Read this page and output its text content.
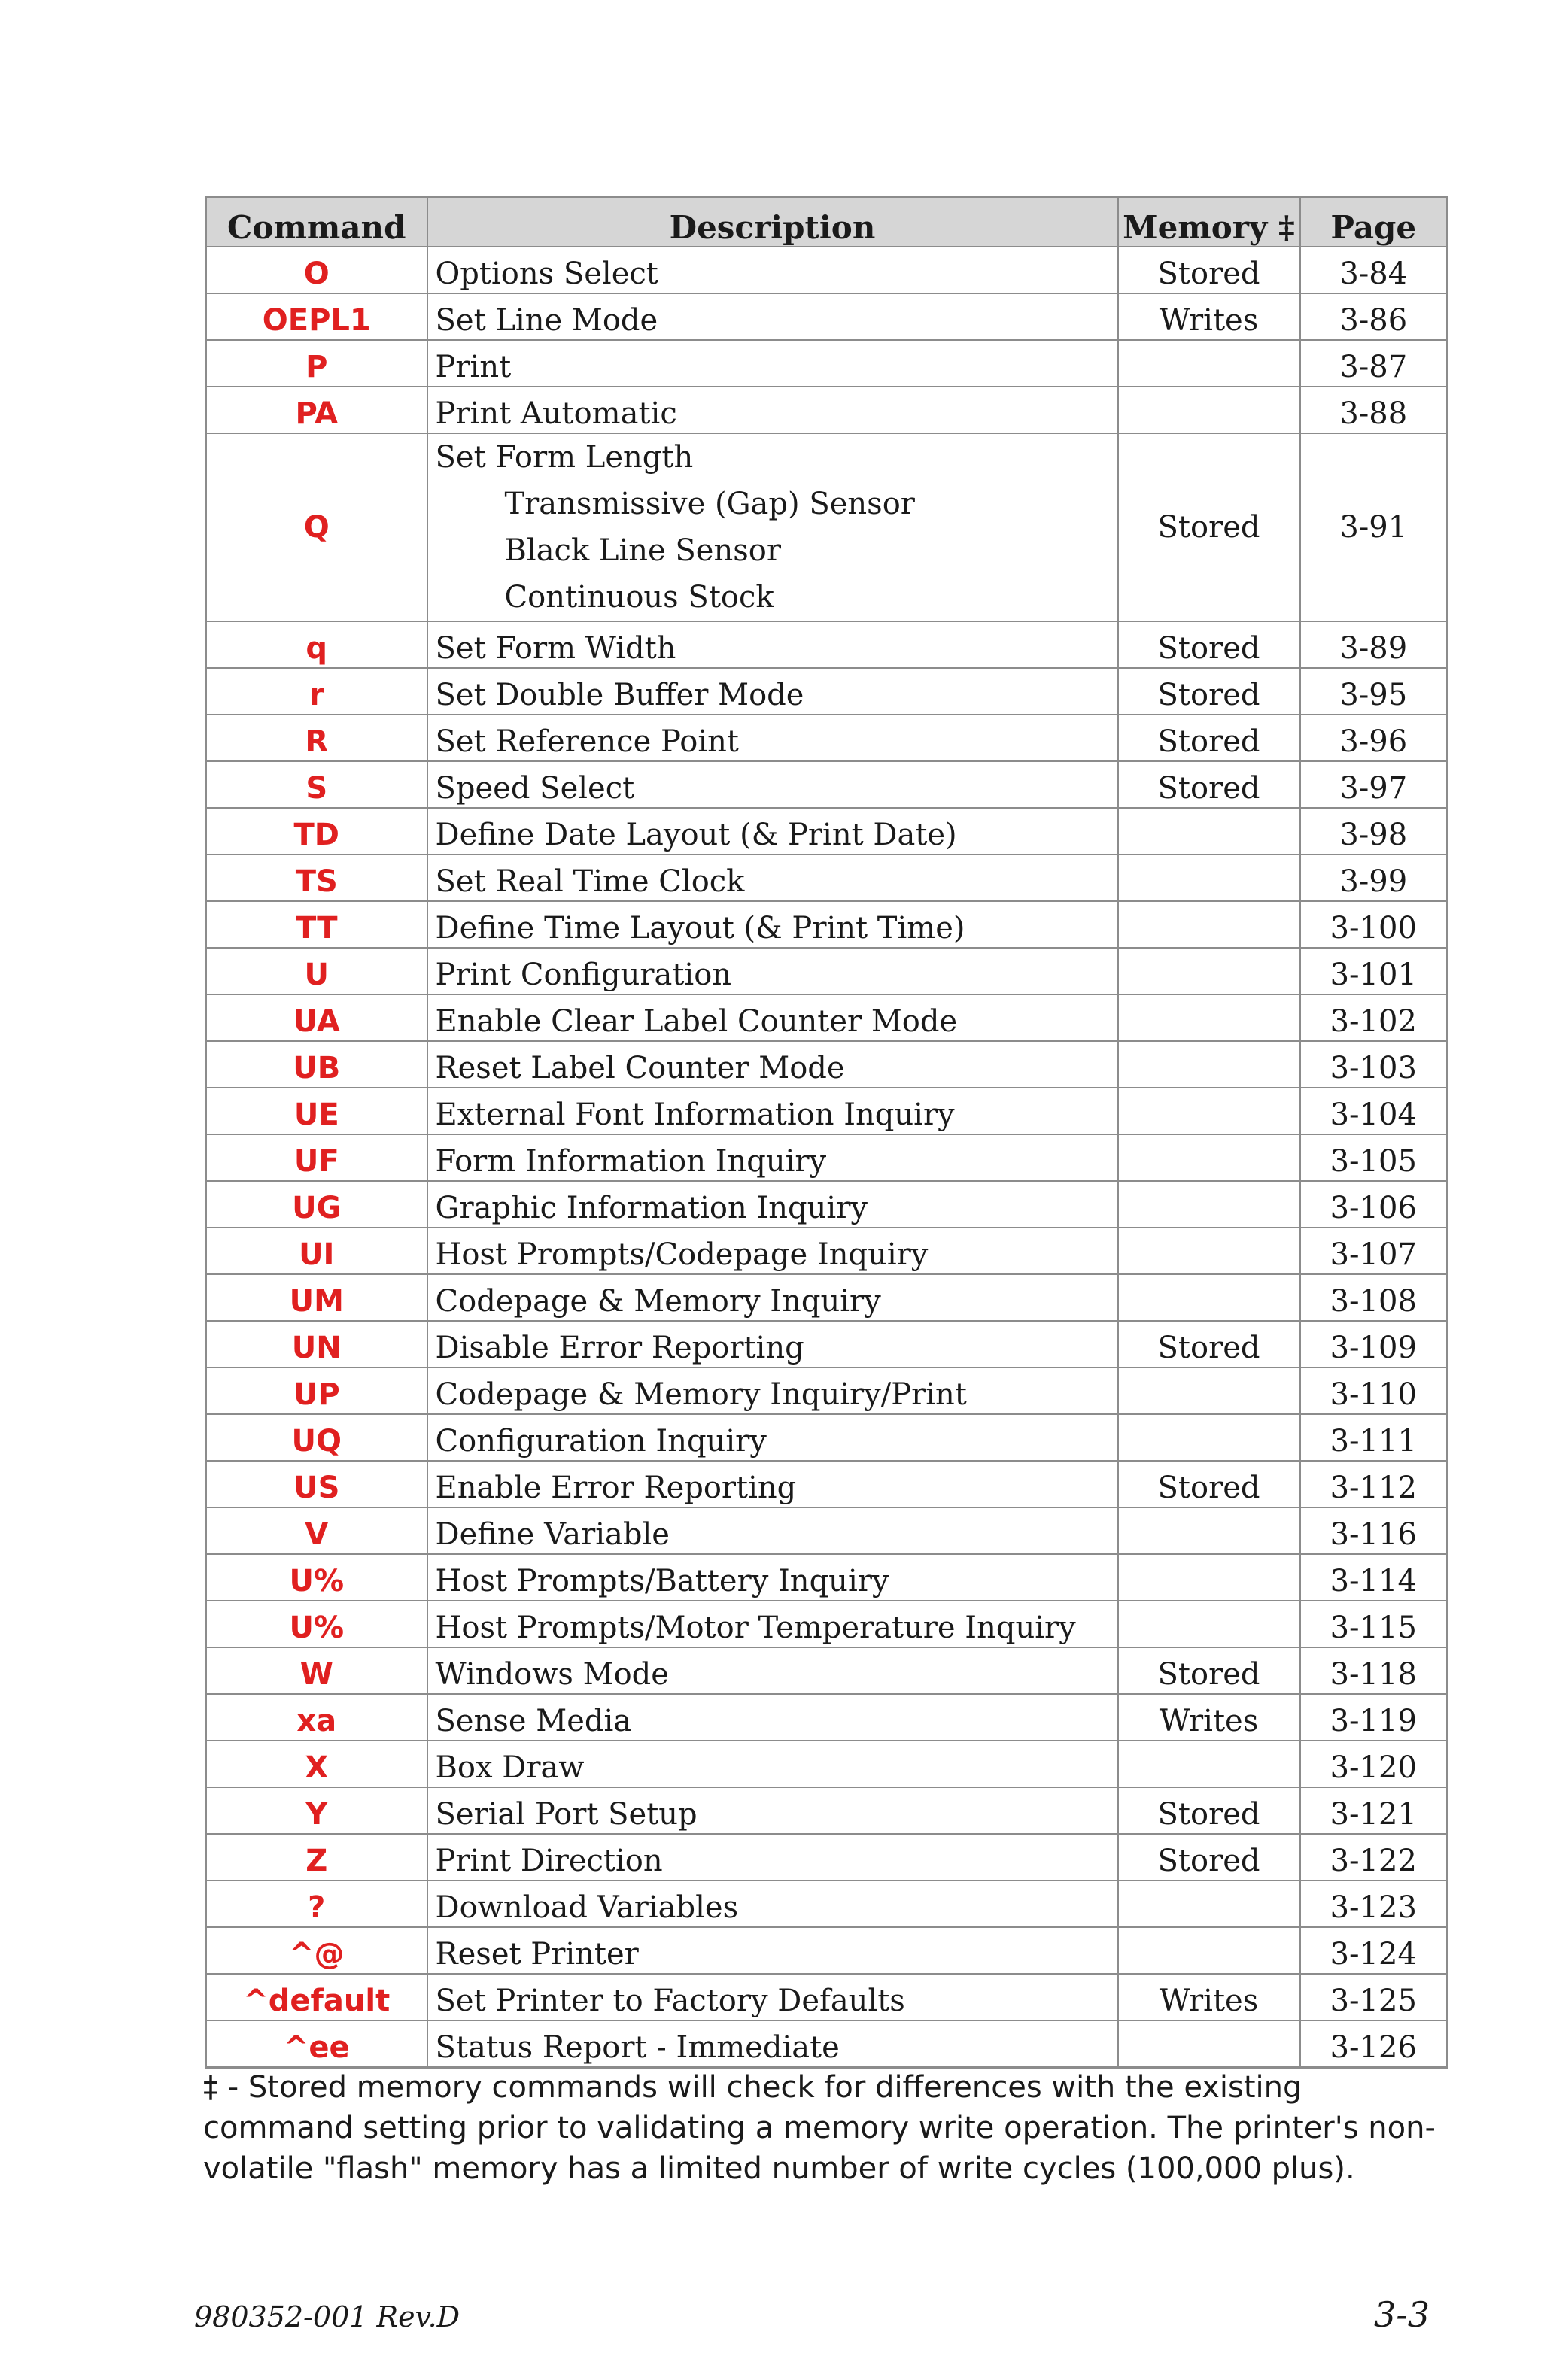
Command	Description	Memory ‡	Page
O	Options Select	Stored	3-84
OEPL1	Set Line Mode	Writes	3-86
P	Print		3-87
PA	Print Automatic		3-88
Q	Set Form Length
Transmissive (Gap) Sensor
Black Line Sensor
Continuous Stock	Stored	3-91
q	Set Form Width	Stored	3-89
r	Set Double Buffer Mode	Stored	3-95
R	Set Reference Point	Stored	3-96
S	Speed Select	Stored	3-97
TD	Define Date Layout (& Print Date)		3-98
TS	Set Real Time Clock		3-99
TT	Define Time Layout (& Print Time)		3-100
U	Print Configuration		3-101
UA	Enable Clear Label Counter Mode		3-102
UB	Reset Label Counter Mode		3-103
UE	External Font Information Inquiry		3-104
UF	Form Information Inquiry		3-105
UG	Graphic Information Inquiry		3-106
UI	Host Prompts/Codepage Inquiry		3-107
UM	Codepage & Memory Inquiry		3-108
UN	Disable Error Reporting	Stored	3-109
UP	Codepage & Memory Inquiry/Print		3-110
UQ	Configuration Inquiry		3-111
US	Enable Error Reporting	Stored	3-112
V	Define Variable		3-116
U%	Host Prompts/Battery Inquiry		3-114
U%	Host Prompts/Motor Temperature Inquiry		3-115
W	Windows Mode	Stored	3-118
xa	Sense Media	Writes	3-119
X	Box Draw		3-120
Y	Serial Port Setup	Stored	3-121
Z	Print Direction	Stored	3-122
?	Download Variables		3-123
^@	Reset Printer		3-124
^default	Set Printer to Factory Defaults	Writes	3-125
^ee	Status Report - Immediate		3-126
‡ - Stored memory commands will check for differences with the existing command setting prior to validating a memory write operation. The printer's non-volatile "flash" memory has a limited number of write cycles (100,000 plus).
980352-001 Rev.D	3-3
